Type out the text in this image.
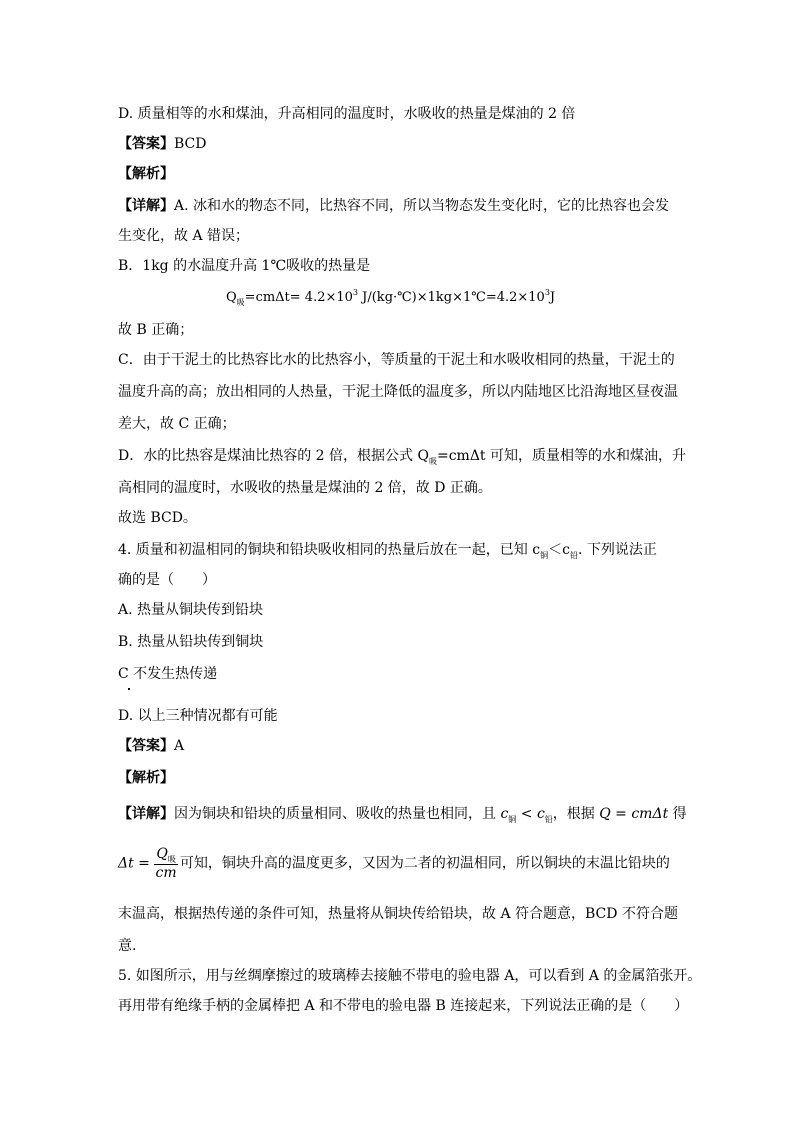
D. 质量相等的水和煤油，升高相同的温度时，水吸收的热量是煤油的 2 倍
【答案】BCD
【解析】
【详解】A. 冰和水的物态不同，比热容不同，所以当物态发生变化时，它的比热容也会发
生变化，故 A 错误；
B．1kg 的水温度升高 1℃吸收的热量是
$Q_吸=cm\Delta t= 4.2\times 10^3$ $J/(kg\cdot℃)\times 1kg\times 1℃=4.2\times 10^3J$
故 B 正确；
C．由于干泥土的比热容比水的比热容小，等质量的干泥土和水吸收相同的热量，干泥土的
温度升高的高；放出相同的人热量，干泥土降低的温度多，所以内陆地区比沿海地区昼夜温
差大，故 C 正确；
D．水的比热容是煤油比热容的 2 倍，根据公式 $Q_吸=cm\Delta t$ 可知，质量相等的水和煤油，升
高相同的温度时，水吸收的热量是煤油的 2 倍，故 D 正确。
故选 BCD。
4. 质量和初温相同的铜块和铅块吸收相同的热量后放在一起，已知 $c_铜<c_铅$. 下列说法正
确的是（　　）
A. 热量从铜块传到铅块
B. 热量从铅块传到铜块
C 不发生热传递
D. 以上三种情况都有可能
【答案】A
【解析】
【详解】因为铜块和铅块的质量相同、吸收的热量也相同，且 $c_铜 < c_铅$，根据 Q = cmΔt 得
$\Delta t = \frac{Q_吸}{cm}$ 可知，铜块升高的温度更多，又因为二者的初温相同，所以铜块的末温比铅块的
末温高，根据热传递的条件可知，热量将从铜块传给铅块，故 A 符合题意，BCD 不符合题
意.
5. 如图所示，用与丝绸摩擦过的玻璃棒去接触不带电的验电器 A，可以看到 A 的金属箔张开。
再用带有绝缘手柄的金属棒把 A 和不带电的验电器 B 连接起来，下列说法正确的是（　　）
